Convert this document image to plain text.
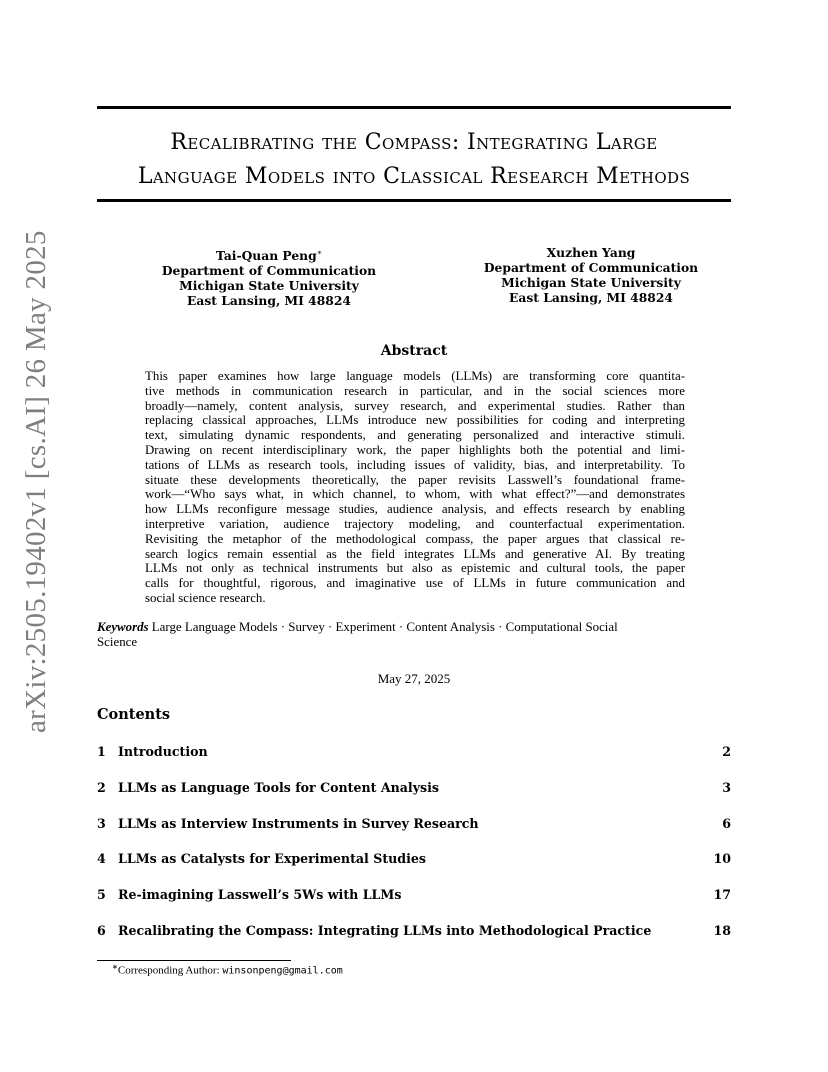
arXiv:2505.19402v1 [cs.AI] 26 May 2025
Recalibrating the Compass: Integrating Large
Language Models into Classical Research Methods
Tai-Quan Peng∗
Department of Communication
Michigan State University
East Lansing, MI 48824
Xuzhen Yang
Department of Communication
Michigan State University
East Lansing, MI 48824
Abstract
This paper examines how large language models (LLMs) are transforming core quantita-
tive methods in communication research in particular, and in the social sciences more
broadly—namely, content analysis, survey research, and experimental studies. Rather than
replacing classical approaches, LLMs introduce new possibilities for coding and interpreting
text, simulating dynamic respondents, and generating personalized and interactive stimuli.
Drawing on recent interdisciplinary work, the paper highlights both the potential and limi-
tations of LLMs as research tools, including issues of validity, bias, and interpretability. To
situate these developments theoretically, the paper revisits Lasswell’s foundational frame-
work—“Who says what, in which channel, to whom, with what effect?”—and demonstrates
how LLMs reconfigure message studies, audience analysis, and effects research by enabling
interpretive variation, audience trajectory modeling, and counterfactual experimentation.
Revisiting the metaphor of the methodological compass, the paper argues that classical re-
search logics remain essential as the field integrates LLMs and generative AI. By treating
LLMs not only as technical instruments but also as epistemic and cultural tools, the paper
calls for thoughtful, rigorous, and imaginative use of LLMs in future communication and
social science research.
Keywords Large Language Models · Survey · Experiment · Content Analysis · Computational Social
Science
May 27, 2025
Contents
1 Introduction	2
2 LLMs as Language Tools for Content Analysis	3
3 LLMs as Interview Instruments in Survey Research	6
4 LLMs as Catalysts for Experimental Studies	10
5 Re-imagining Lasswell’s 5Ws with LLMs	17
6 Recalibrating the Compass: Integrating LLMs into Methodological Practice	18
∗Corresponding Author: winsonpeng@gmail.com
